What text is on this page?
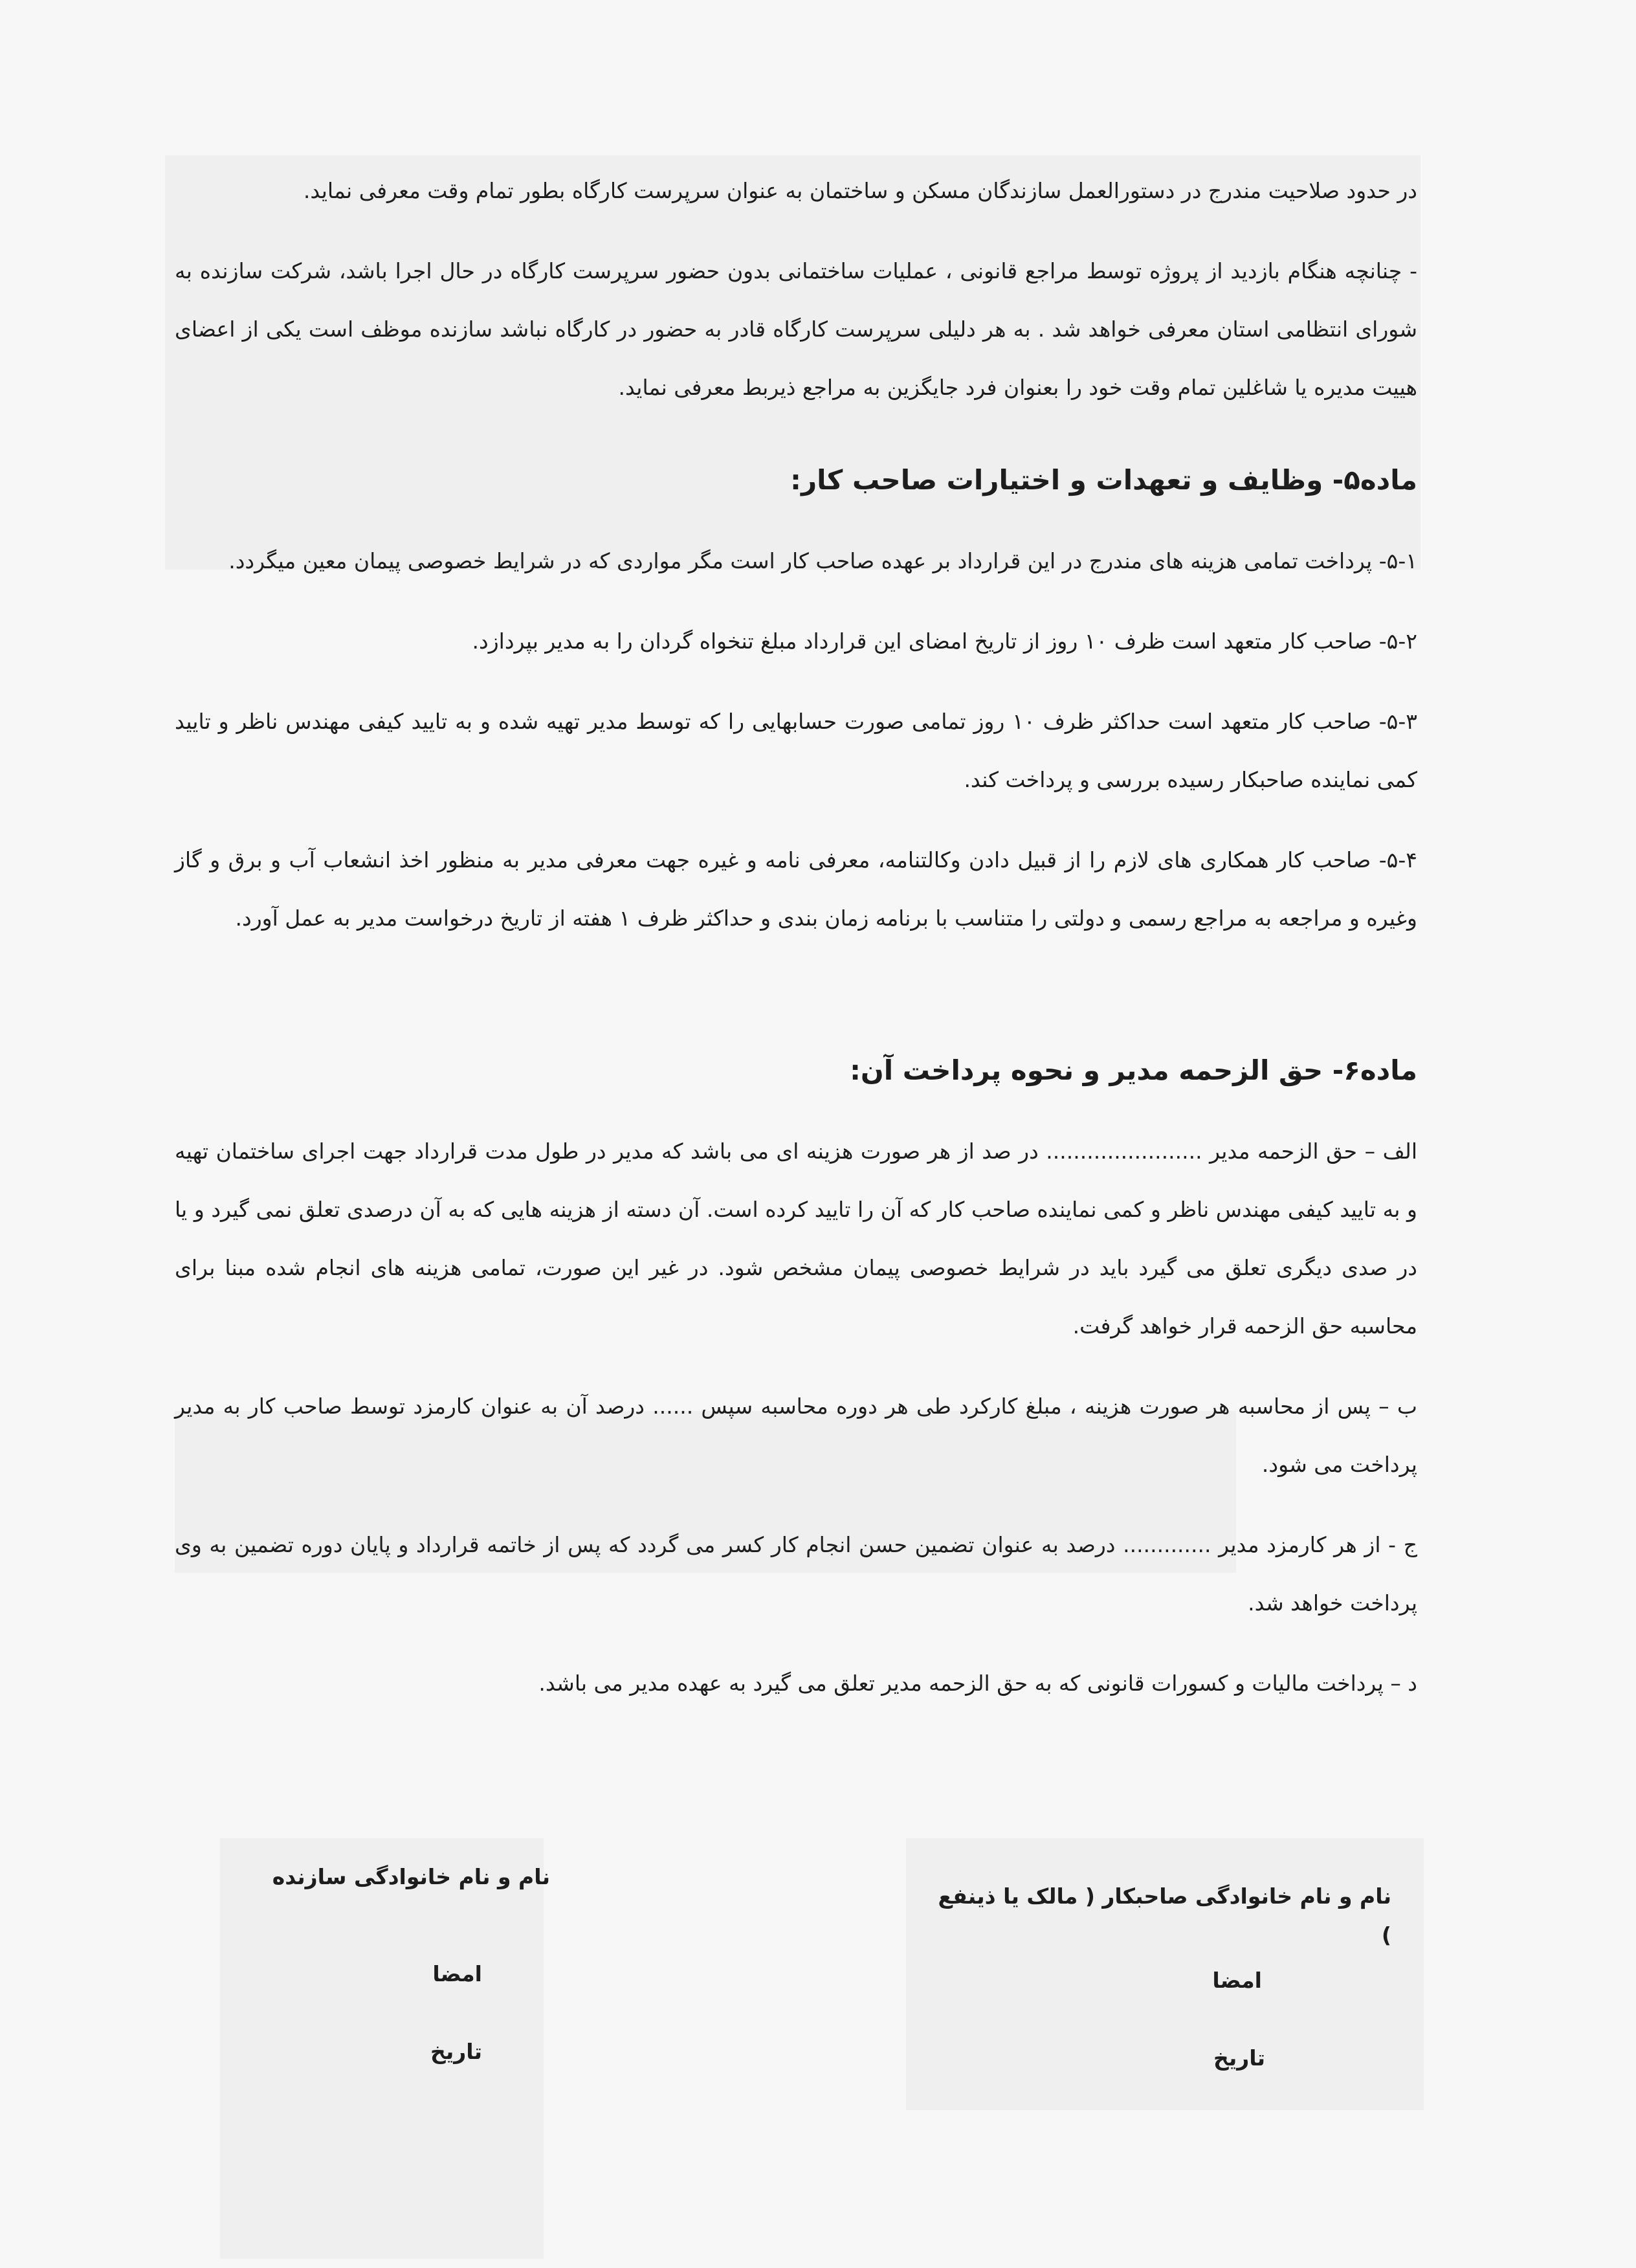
در حدود صلاحیت مندرج در دستورالعمل سازندگان مسکن و ساختمان به عنوان سرپرست کارگاه بطور تمام وقت معرفی نماید.

- چنانچه هنگام بازدید از پروژه توسط مراجع قانونی ، عملیات ساختمانی بدون حضور سرپرست کارگاه در حال اجرا باشد، شرکت سازنده به شورای انتظامی استان معرفی خواهد شد . به هر دلیلی سرپرست کارگاه قادر به حضور در کارگاه نباشد سازنده موظف است یکی از اعضای هییت مدیره یا شاغلین تمام وقت خود را بعنوان فرد جایگزین به مراجع ذیربط معرفی نماید.

ماده۵- وظایف و تعهدات و اختیارات صاحب کار:

۵-۱- پرداخت تمامی هزینه های مندرج در این قرارداد بر عهده صاحب کار است مگر مواردی که در شرایط خصوصی پیمان معین میگردد.

۵-۲- صاحب کار متعهد است ظرف ۱۰ روز از تاریخ امضای این قرارداد مبلغ تنخواه گردان را به مدیر بپردازد.

۵-۳- صاحب کار متعهد است حداکثر ظرف ۱۰ روز تمامی صورت حسابهایی را که توسط مدیر تهیه شده و به تایید کیفی مهندس ناظر و تایید کمی نماینده صاحبکار رسیده بررسی و پرداخت کند.

۵-۴- صاحب کار همکاری های لازم را از قبیل دادن وکالتنامه، معرفی نامه و غیره جهت معرفی مدیر به منظور اخذ انشعاب آب و برق و گاز وغیره و مراجعه به مراجع رسمی و دولتی را متناسب با برنامه زمان بندی و حداکثر ظرف ۱ هفته از تاریخ درخواست مدیر به عمل آورد.

ماده۶- حق الزحمه مدیر و نحوه پرداخت آن:

الف – حق الزحمه مدیر ....................... در صد از هر صورت هزینه ای می باشد که مدیر در طول مدت قرارداد جهت اجرای ساختمان تهیه و به تایید کیفی مهندس ناظر و کمی نماینده صاحب کار که آن را تایید کرده است. آن دسته از هزینه هایی که به آن درصدی تعلق نمی گیرد و یا در صدی دیگری تعلق می گیرد باید در شرایط خصوصی پیمان مشخص شود. در غیر این صورت، تمامی هزینه های انجام شده مبنا برای محاسبه حق الزحمه قرار خواهد گرفت.

ب – پس از محاسبه هر صورت هزینه ، مبلغ کارکرد طی هر دوره محاسبه سپس ...... درصد آن به عنوان کارمزد توسط صاحب کار به مدیر پرداخت می شود.

ج - از هر کارمزد مدیر ............. درصد به عنوان تضمین حسن انجام کار کسر می گردد که پس از خاتمه قرارداد و پایان دوره تضمین به وی پرداخت خواهد شد.

د – پرداخت مالیات و کسورات قانونی که به حق الزحمه مدیر تعلق می گیرد به عهده مدیر می باشد.

نام و نام خانوادگی صاحبکار ( مالک یا ذینفع )
امضا
تاریخ
نام و نام خانوادگی سازنده
امضا
تاریخ
